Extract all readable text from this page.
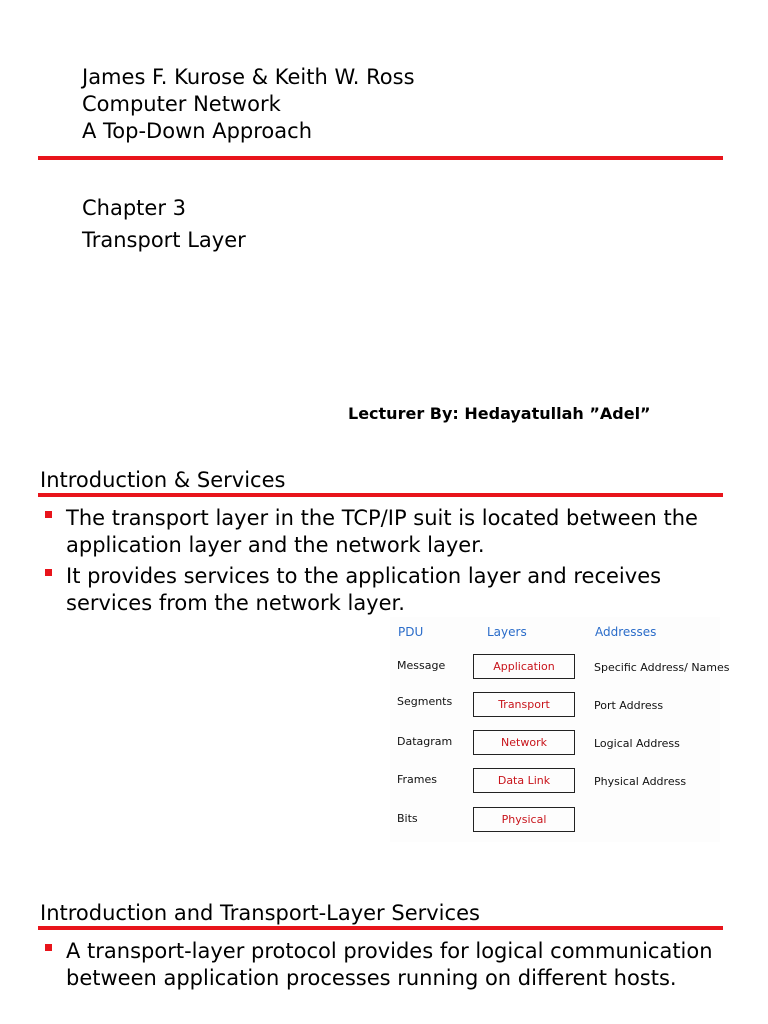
James F. Kurose & Keith W. Ross
Computer Network
A Top-Down Approach
Chapter 3
Transport Layer
Lecturer By: Hedayatullah ”Adel”
Introduction & Services
The transport layer in the TCP/IP suit is located between the application layer and the network layer.
It provides services to the application layer and receives services from the network layer.
PDU	Layers	Addresses
Message	Application	Specific Address/ Names
Segments	Transport	Port Address
Datagram	Network	Logical Address
Frames	Data Link	Physical Address
Bits	Physical
Introduction and Transport-Layer Services
A transport-layer protocol provides for logical communication between application processes running on different hosts.
